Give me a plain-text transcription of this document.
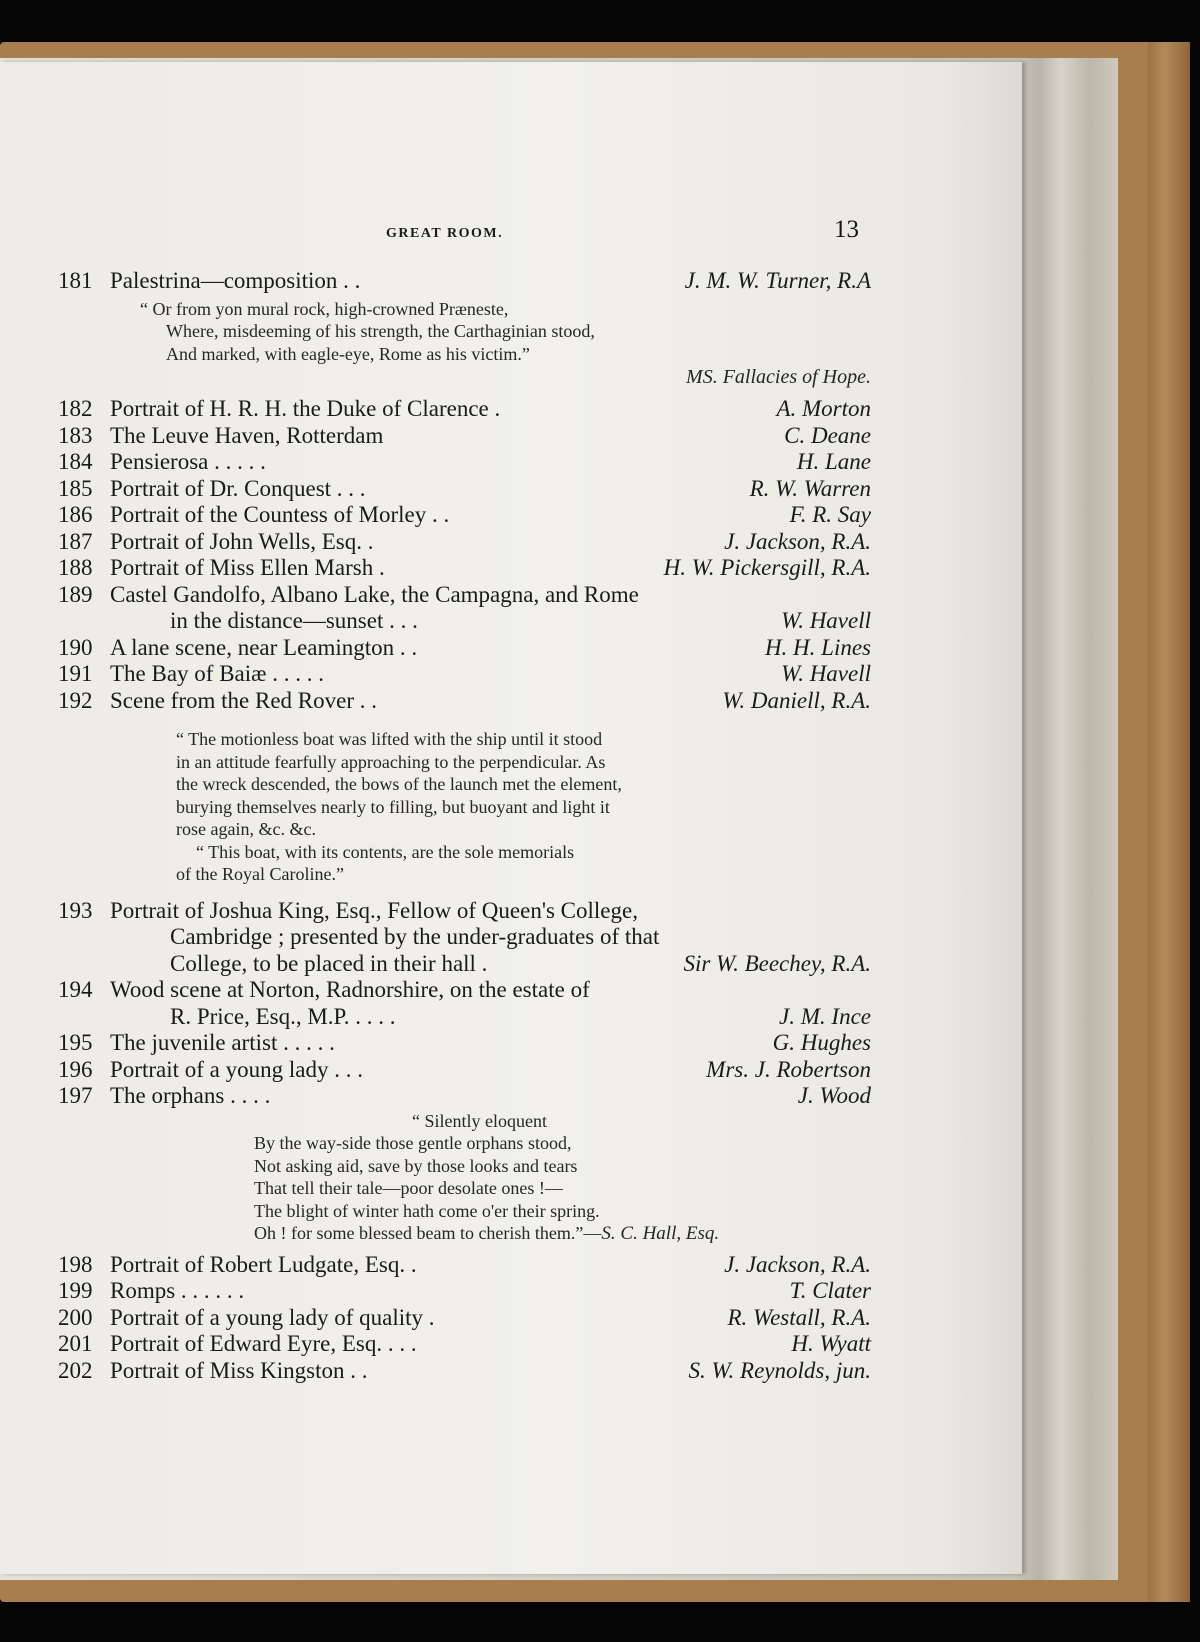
GREAT ROOM.	13
181 Palestrina—composition . .	J. M. W. Turner, R.A
“ Or from yon mural rock, high-crowned Præneste,
Where, misdeeming of his strength, the Carthaginian stood,
And marked, with eagle-eye, Rome as his victim.”
MS. Fallacies of Hope.
182 Portrait of H. R. H. the Duke of Clarence .	A. Morton
183 The Leuve Haven, Rotterdam	C. Deane
184 Pensierosa . . . . .	H. Lane
185 Portrait of Dr. Conquest . . .	R. W. Warren
186 Portrait of the Countess of Morley . .	F. R. Say
187 Portrait of John Wells, Esq. .	J. Jackson, R.A.
188 Portrait of Miss Ellen Marsh .	H. W. Pickersgill, R.A.
189 Castel Gandolfo, Albano Lake, the Campagna, and Rome
in the distance—sunset . . .	W. Havell
190 A lane scene, near Leamington . .	H. H. Lines
191 The Bay of Baiæ . . . . .	W. Havell
192 Scene from the Red Rover . .	W. Daniell, R.A.
“ The motionless boat was lifted with the ship until it stood
in an attitude fearfully approaching to the perpendicular. As
the wreck descended, the bows of the launch met the element,
burying themselves nearly to filling, but buoyant and light it
rose again, &c. &c.
“ This boat, with its contents, are the sole memorials
of the Royal Caroline.”
193 Portrait of Joshua King, Esq., Fellow of Queen's College,
Cambridge ; presented by the under-graduates of that
College, to be placed in their hall .	Sir W. Beechey, R.A.
194 Wood scene at Norton, Radnorshire, on the estate of
R. Price, Esq., M.P. . . . .	J. M. Ince
195 The juvenile artist . . . . .	G. Hughes
196 Portrait of a young lady . . .	Mrs. J. Robertson
197 The orphans . . . .	J. Wood
“ Silently eloquent
By the way-side those gentle orphans stood,
Not asking aid, save by those looks and tears
That tell their tale—poor desolate ones !—
The blight of winter hath come o'er their spring.
Oh ! for some blessed beam to cherish them.”—S. C. Hall, Esq.
198 Portrait of Robert Ludgate, Esq. .	J. Jackson, R.A.
199 Romps . . . . . .	T. Clater
200 Portrait of a young lady of quality .	R. Westall, R.A.
201 Portrait of Edward Eyre, Esq. . . .	H. Wyatt
202 Portrait of Miss Kingston . .	S. W. Reynolds, jun.
